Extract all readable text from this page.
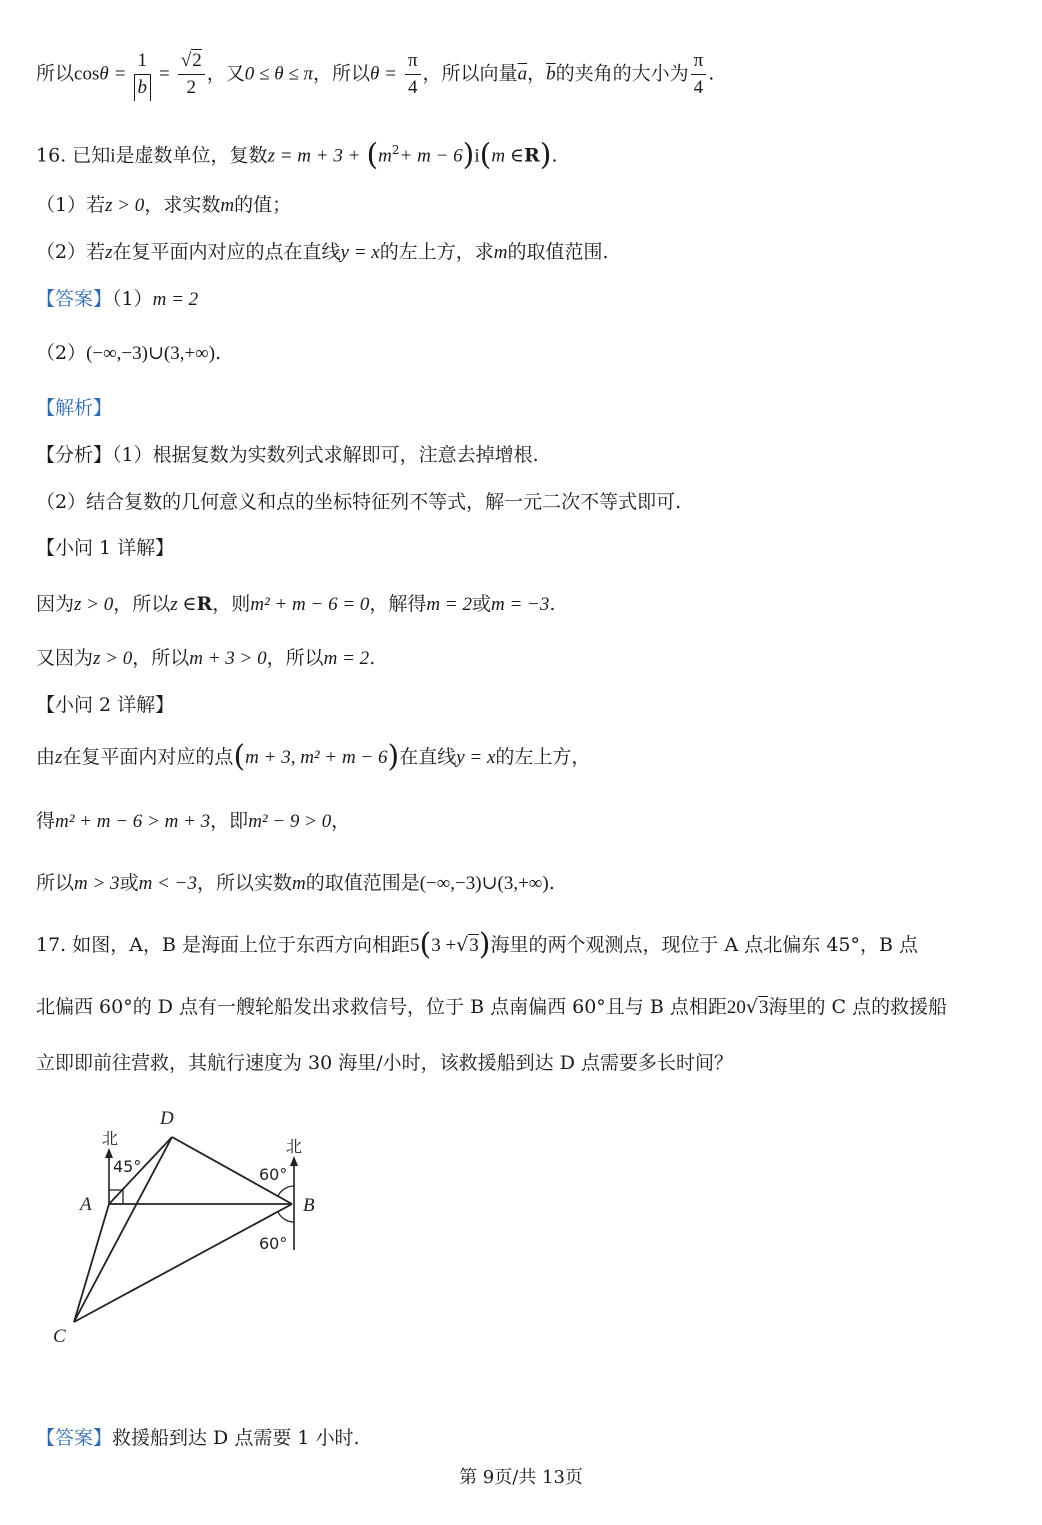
所以$\cos\theta = \frac{1}{b} = \frac{√2}{2}$ ，又0 ≤ θ ≤ π，所以$\theta = \frac{\pi}{4}$ ，所以向量$\overline{a}$，$\overline{b}$的夹角的大小为 $\frac{\pi}{4}$ .
16. 已知i是虚数单位，复数$z = m + 3 + (m^2+ m - 6)i(m$ ∈R).
（1）若z > 0，求实数m的值；
（2）若z在复平面内对应的点在直线y = x的左上方，求m的取值范围.
【答案】（1）m = 2
（2）(−∞,−3)∪(3,+∞).
【解析】
【分析】（1）根据复数为实数列式求解即可，注意去掉增根.
（2）结合复数的几何意义和点的坐标特征列不等式，解一元二次不等式即可.
【小问 1 详解】
因为z > 0，所以z ∈R，则m² + m − 6 = 0，解得m = 2或m = −3.
又因为z > 0，所以m + 3 > 0，所以m = 2.
【小问 2 详解】
由z在复平面内对应的点(m + 3, m² + m − 6)在直线y = x的左上方，
得m² + m − 6 > m + 3，即m² − 9 > 0，
所以m > 3或m < −3，所以实数m的取值范围是(−∞,−3)∪(3,+∞).
17. 如图，A，B 是海面上位于东西方向相距5(3 +√3)海里的两个观测点，现位于 A 点北偏东 45°，B 点
北偏西 60°的 D 点有一艘轮船发出求救信号，位于 B 点南偏西 60°且与 B 点相距20√3海里的 C 点的救援船
立即即前往营救，其航行速度为 30 海里/小时，该救援船到达 D 点需要多长时间？
北	北
45°	60°
60°
A	B
C
D
【答案】救援船到达 D 点需要 1 小时.
第 9页/共 13页
